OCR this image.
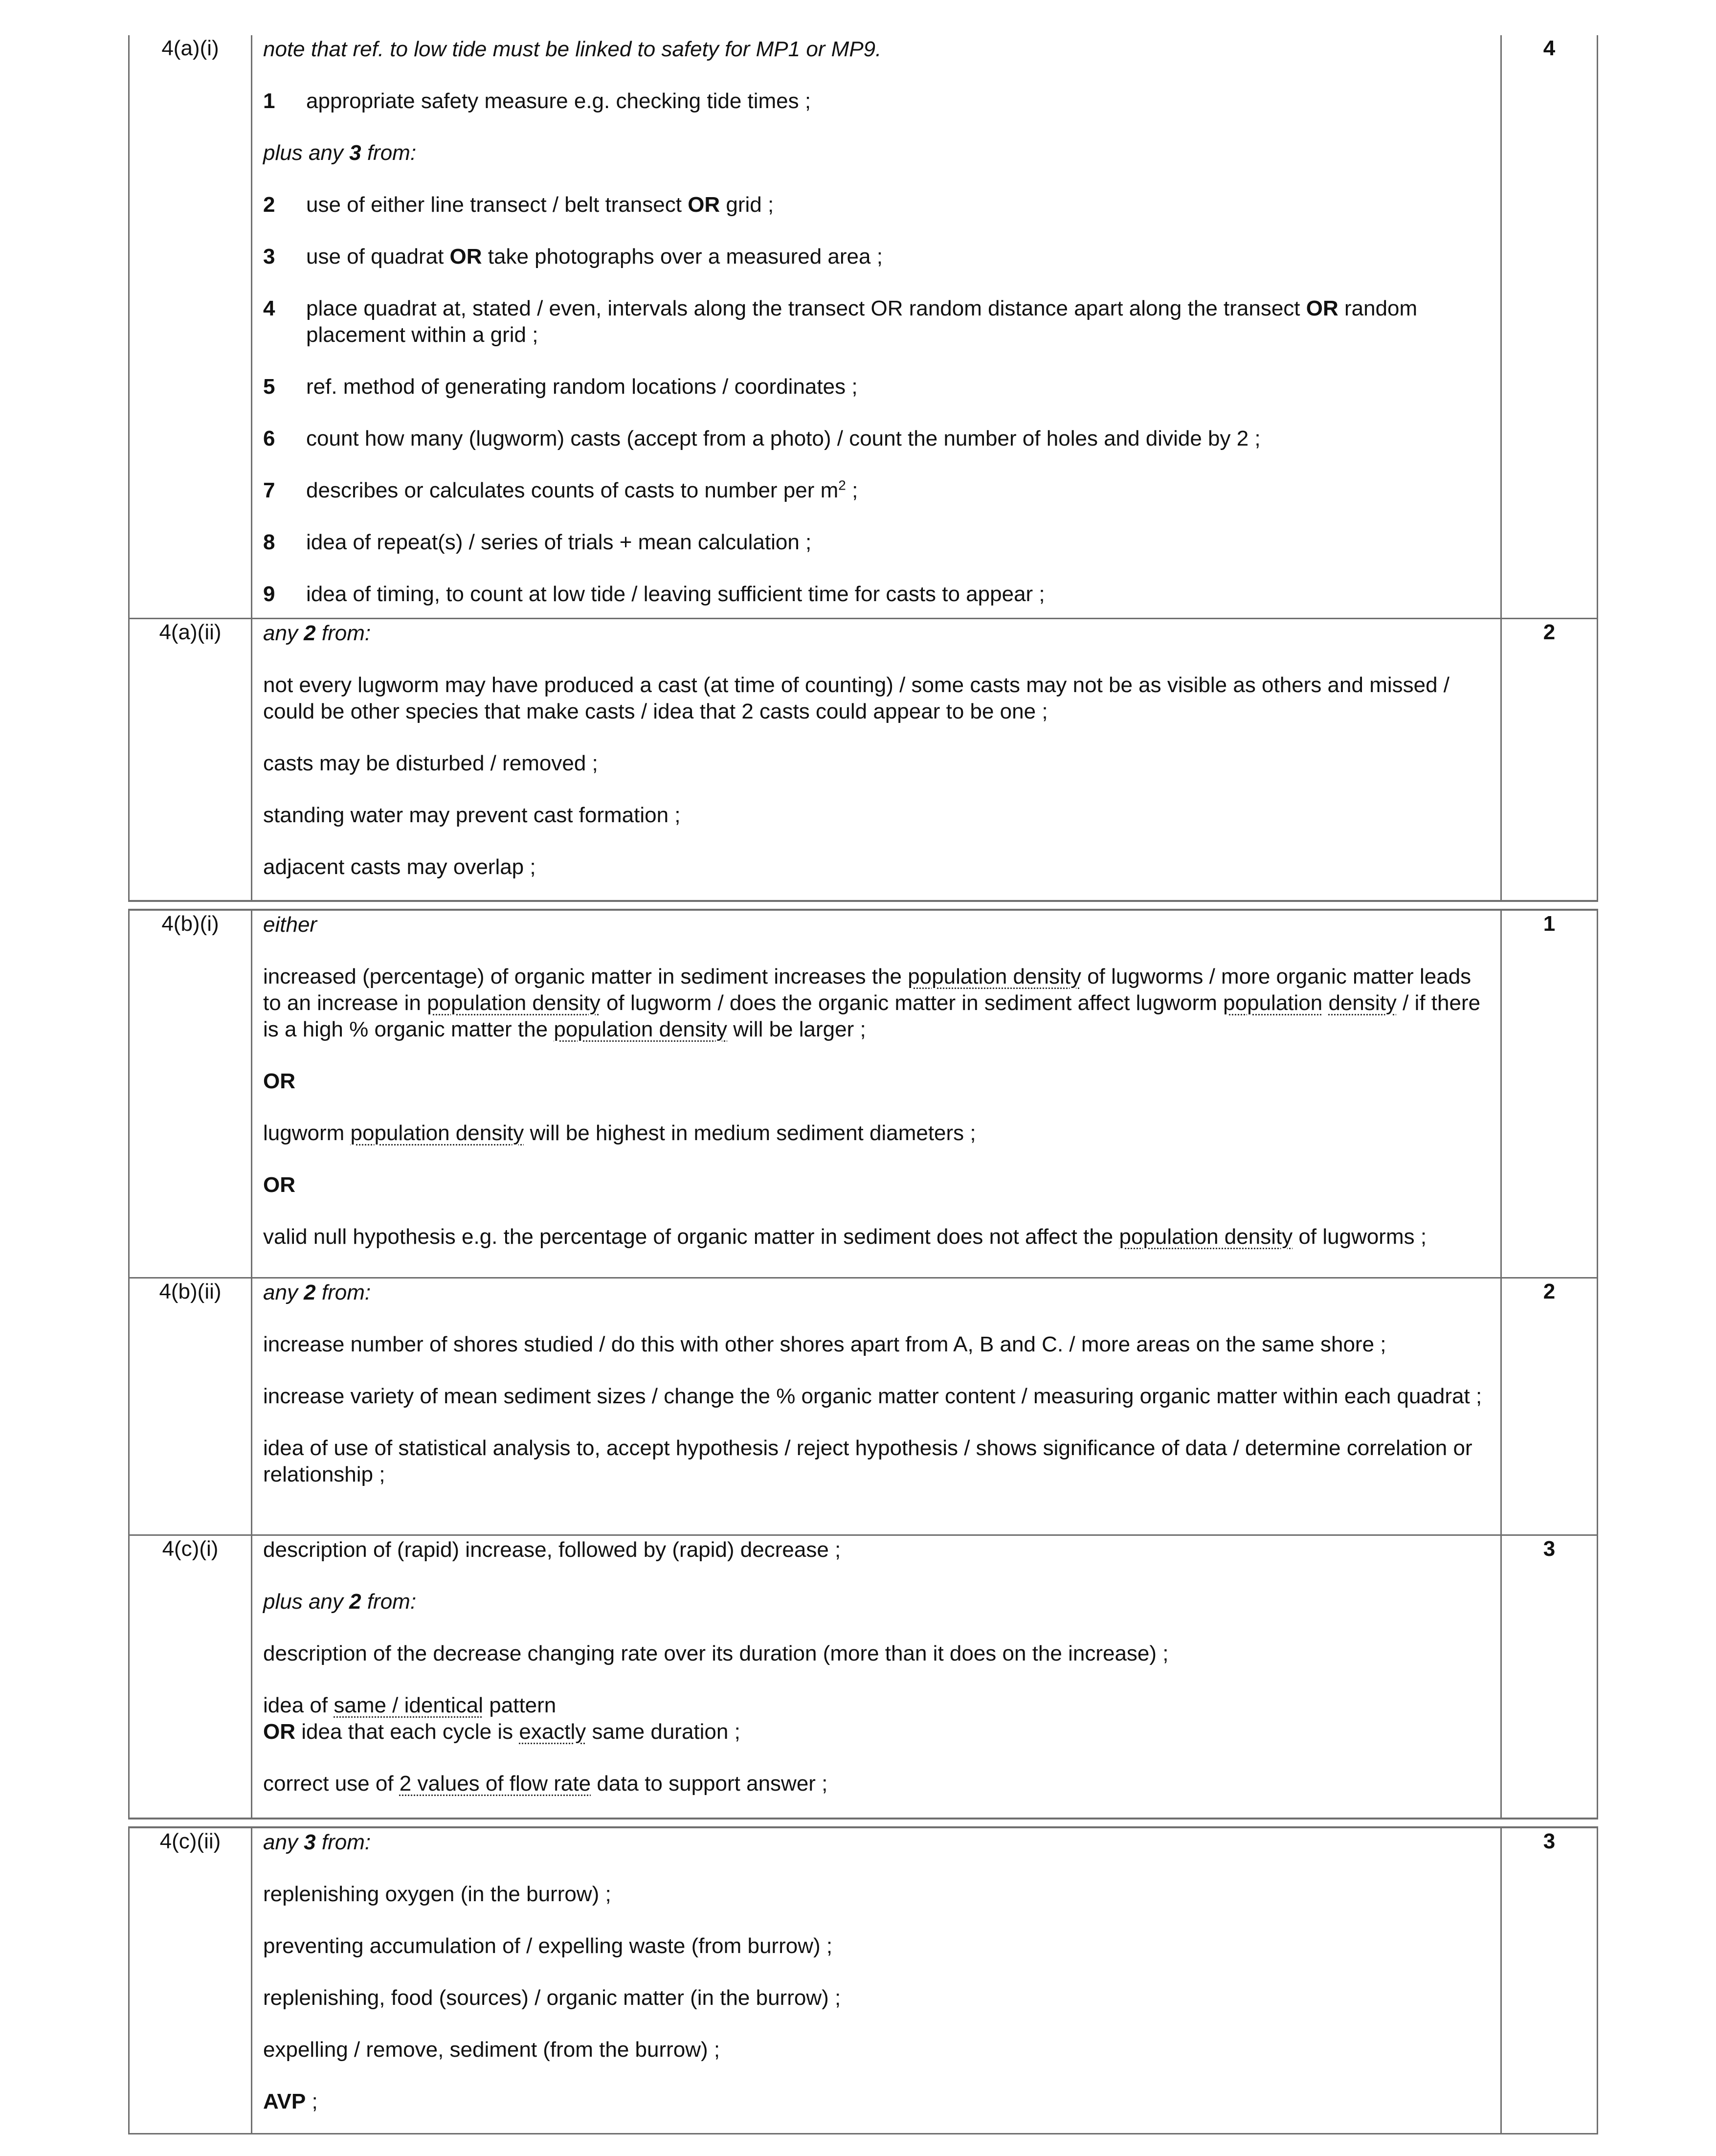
4(a)(i)	note that ref. to low tide must be linked to safety for MP1 or MP9.
1	appropriate safety measure e.g. checking tide times ;
plus any 3 from:
2	use of either line transect / belt transect OR grid ;
3	use of quadrat OR take photographs over a measured area ;
4	place quadrat at, stated / even, intervals along the transect OR random distance apart along the transect OR random placement within a grid ;
5	ref. method of generating random locations / coordinates ;
6	count how many (lugworm) casts (accept from a photo) / count the number of holes and divide by 2 ;
7	describes or calculates counts of casts to number per $m^2$ ;
8	idea of repeat(s) / series of trials + mean calculation ;
9	idea of timing, to count at low tide / leaving sufficient time for casts to appear ;
4
4(a)(ii)	any 2 from:
not every lugworm may have produced a cast (at time of counting) / some casts may not be as visible as others and missed / could be other species that make casts / idea that 2 casts could appear to be one ;
casts may be disturbed / removed ;
standing water may prevent cast formation ;
adjacent casts may overlap ;
2
4(b)(i)	either
increased (percentage) of organic matter in sediment increases the population density of lugworms / more organic matter leads to an increase in population density of lugworm / does the organic matter in sediment affect lugworm population density / if there is a high % organic matter the population density will be larger ;
OR
lugworm population density will be highest in medium sediment diameters ;
OR
valid null hypothesis e.g. the percentage of organic matter in sediment does not affect the population density of lugworms ;
1
4(b)(ii)	any 2 from:
increase number of shores studied / do this with other shores apart from A, B and C. / more areas on the same shore ;
increase variety of mean sediment sizes / change the % organic matter content / measuring organic matter within each quadrat ;
idea of use of statistical analysis to, accept hypothesis / reject hypothesis / shows significance of data / determine correlation or relationship ;
2
4(c)(i)	description of (rapid) increase, followed by (rapid) decrease ;
plus any 2 from:
description of the decrease changing rate over its duration (more than it does on the increase) ;
idea of same / identical pattern
OR idea that each cycle is exactly same duration ;
correct use of 2 values of flow rate data to support answer ;
3
4(c)(ii)	any 3 from:
replenishing oxygen (in the burrow) ;
preventing accumulation of / expelling waste (from burrow) ;
replenishing, food (sources) / organic matter (in the burrow) ;
expelling / remove, sediment (from the burrow) ;
AVP ;
3
